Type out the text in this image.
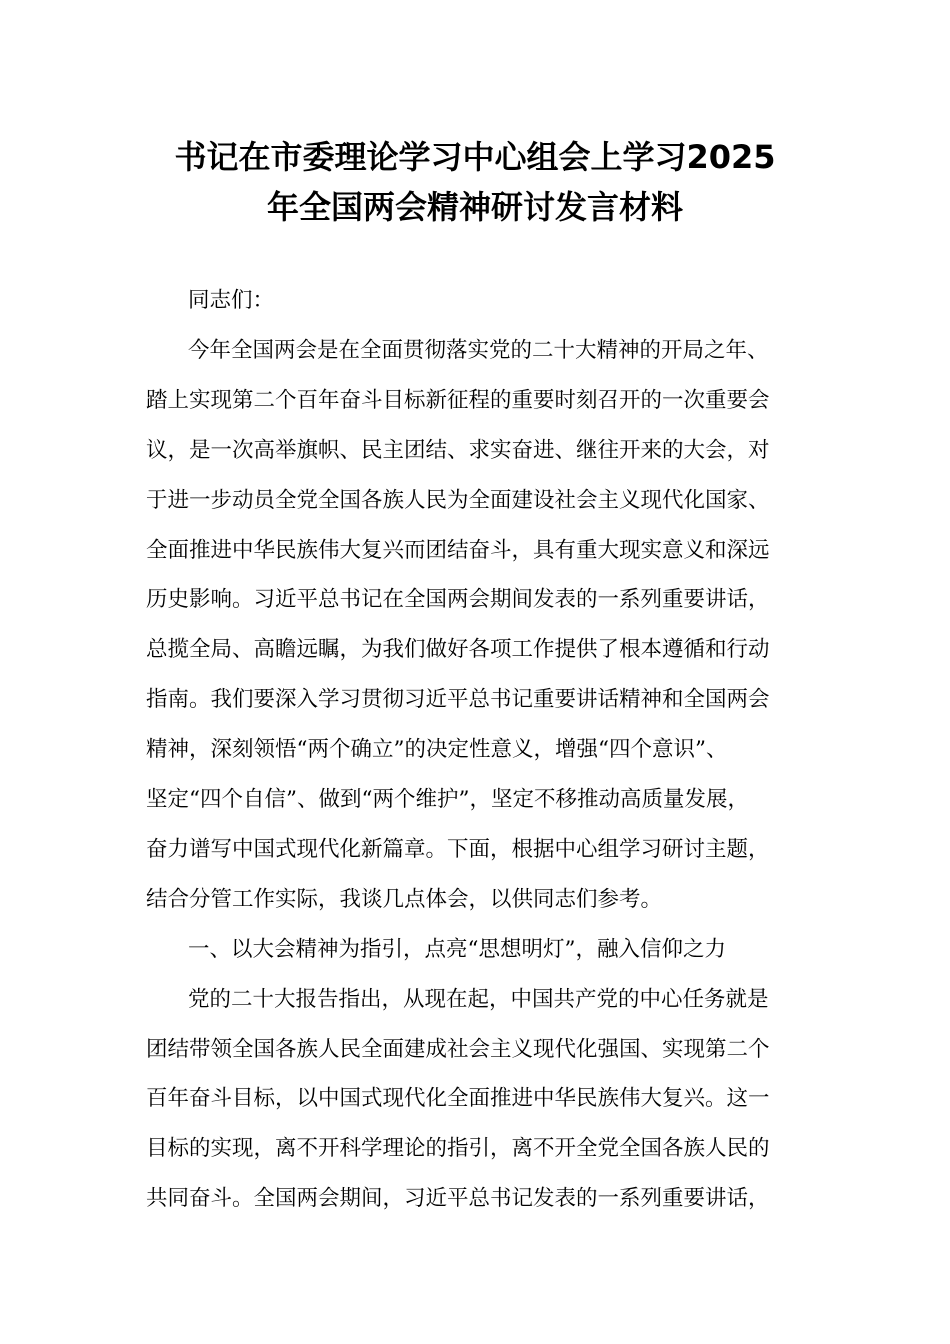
书记在市委理论学习中心组会上学习2025
年全国两会精神研讨发言材料

同志们：

今年全国两会是在全面贯彻落实党的二十大精神的开局之年、

踏上实现第二个百年奋斗目标新征程的重要时刻召开的一次重要会

议，是一次高举旗帜、民主团结、求实奋进、继往开来的大会，对

于进一步动员全党全国各族人民为全面建设社会主义现代化国家、

全面推进中华民族伟大复兴而团结奋斗，具有重大现实意义和深远

历史影响。习近平总书记在全国两会期间发表的一系列重要讲话，

总揽全局、高瞻远瞩，为我们做好各项工作提供了根本遵循和行动

指南。我们要深入学习贯彻习近平总书记重要讲话精神和全国两会

精神，深刻领悟“两个确立”的决定性意义，增强“四个意识”、

坚定“四个自信”、做到“两个维护”，坚定不移推动高质量发展，

奋力谱写中国式现代化新篇章。下面，根据中心组学习研讨主题，

结合分管工作实际，我谈几点体会，以供同志们参考。

一、以大会精神为指引，点亮“思想明灯”，融入信仰之力

党的二十大报告指出，从现在起，中国共产党的中心任务就是

团结带领全国各族人民全面建成社会主义现代化强国、实现第二个

百年奋斗目标，以中国式现代化全面推进中华民族伟大复兴。这一

目标的实现，离不开科学理论的指引，离不开全党全国各族人民的

共同奋斗。全国两会期间，习近平总书记发表的一系列重要讲话，
